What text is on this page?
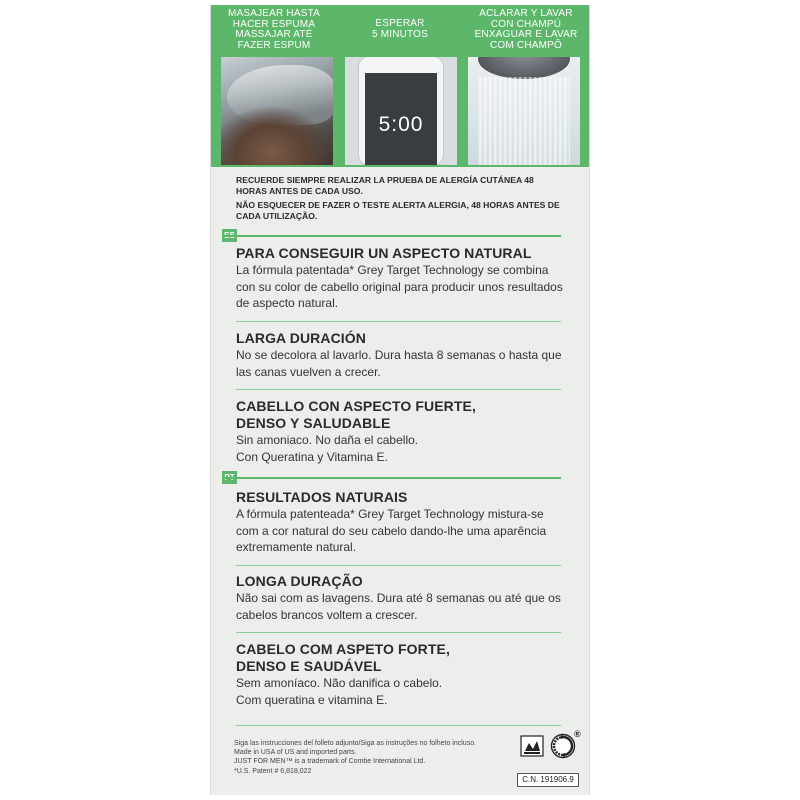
MASAJEAR HASTA
HACER ESPUMA
MASSAJAR ATÉ
FAZER ESPUM
ESPERAR
5 MINUTOS
ACLARAR Y LAVAR
CON CHAMPÚ
ENXAGUAR E LAVAR
COM CHAMPÔ
5:00

RECUERDE SIEMPRE REALIZAR LA PRUEBA DE ALERGÍA CUTÁNEA 48 HORAS ANTES DE CADA USO.

NÃO ESQUECER DE FAZER O TESTE ALERTA ALERGIA, 48 HORAS ANTES DE CADA UTILIZAÇÃO.

PARA CONSEGUIR UN ASPECTO NATURAL

La fórmula patentada* Grey Target Technology se combina
con su color de cabello original para producir unos resultados
de aspecto natural.

LARGA DURACIÓN

No se decolora al lavarlo. Dura hasta 8 semanas o hasta que
las canas vuelven a crecer.

CABELLO CON ASPECTO FUERTE,
DENSO Y SALUDABLE

Sin amoniaco. No daña el cabello.
Con Queratina y Vitamina E.

RESULTADOS NATURAIS

A fórmula patenteada* Grey Target Technology mistura-se
com a cor natural do seu cabelo dando-lhe uma aparência
extremamente natural.

LONGA DURAÇÃO

Não sai com as lavagens. Dura até 8 semanas ou até que os
cabelos brancos voltem a crescer.

CABELO COM ASPETO FORTE,
DENSO E SAUDÁVEL

Sem amoníaco. Não danifica o cabelo.
Com queratina e vitamina E.

Siga las instrucciones del folleto adjunto/Siga as instruções no folheto incluso.
Made in USA of US and imported parts.
JUST FOR MEN™ is a trademark of Combe International Ltd.
*U.S. Patent # 6,818,022
®
C.N. 191906.9
